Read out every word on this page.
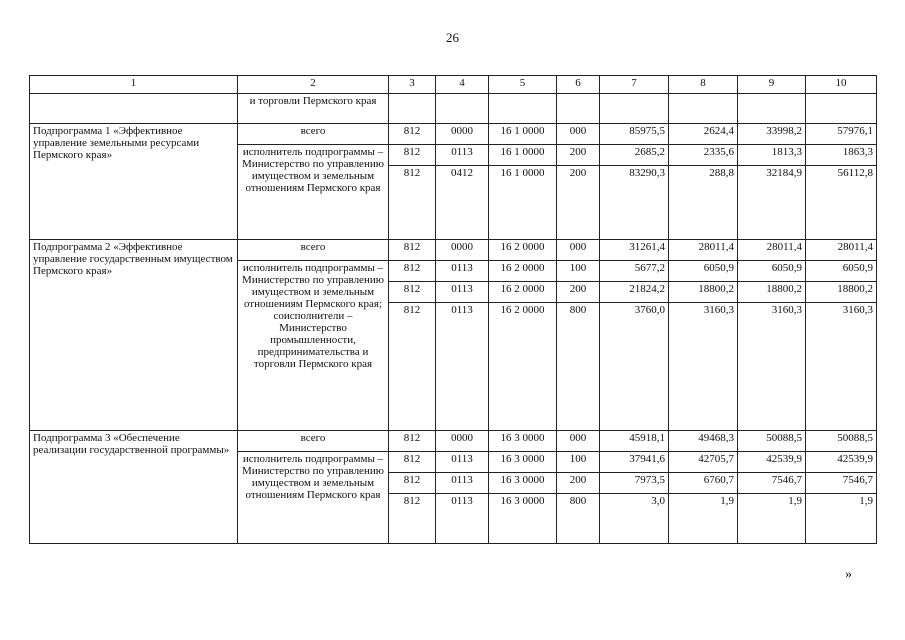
26
1	2	3	4	5	6	7	8	9	10
	и торговли Пермского края								
Подпрограмма 1 «Эффективное управление земельными ресурсами Пермского края»	всего	812	0000	16 1 0000	000	85975,5	2624,4	33998,2	57976,1
	исполнитель подпрограммы – Министерство по управлению имуществом и земельным отношениям Пермского края	812	0113	16 1 0000	200	2685,2	2335,6	1813,3	1863,3
		812	0412	16 1 0000	200	83290,3	288,8	32184,9	56112,8
Подпрограмма 2 «Эффективное управление государственным имуществом Пермского края»	всего	812	0000	16 2 0000	000	31261,4	28011,4	28011,4	28011,4
	исполнитель подпрограммы – Министерство по управлению имуществом и земельным отношениям Пермского края; соисполнители – Министерство промышленности, предпринимательства и торговли Пермского края	812	0113	16 2 0000	100	5677,2	6050,9	6050,9	6050,9
		812	0113	16 2 0000	200	21824,2	18800,2	18800,2	18800,2
		812	0113	16 2 0000	800	3760,0	3160,3	3160,3	3160,3
Подпрограмма 3 «Обеспечение реализации государственной программы»	всего	812	0000	16 3 0000	000	45918,1	49468,3	50088,5	50088,5
	исполнитель подпрограммы – Министерство по управлению имуществом и земельным отношениям Пермского края	812	0113	16 3 0000	100	37941,6	42705,7	42539,9	42539,9
		812	0113	16 3 0000	200	7973,5	6760,7	7546,7	7546,7
		812	0113	16 3 0000	800	3,0	1,9	1,9	1,9
»
